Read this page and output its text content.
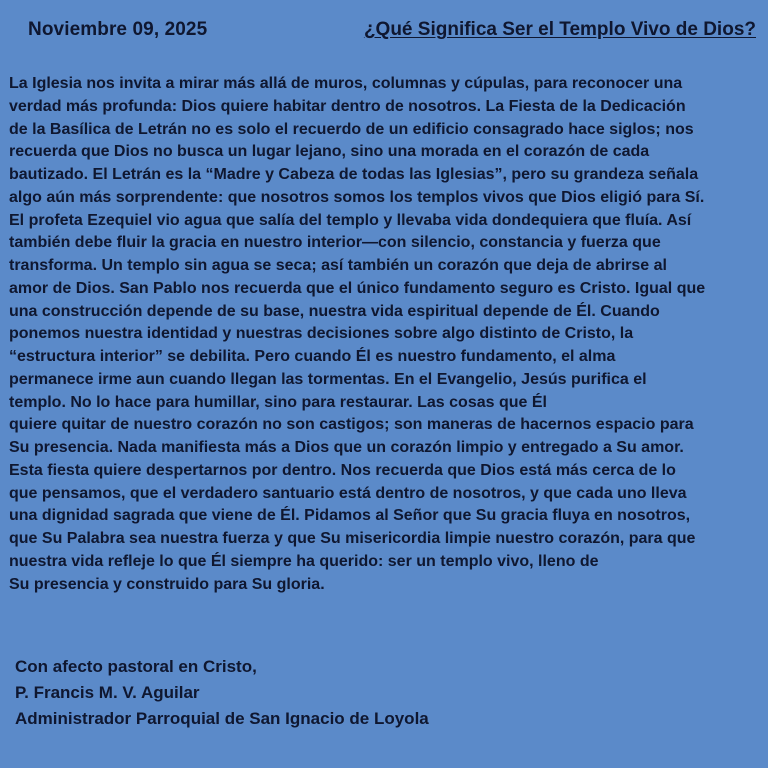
Noviembre 09, 2025	¿Qué Significa Ser el Templo Vivo de Dios?

La Iglesia nos invita a mirar más allá de muros, columnas y cúpulas, para reconocer una
verdad más profunda: Dios quiere habitar dentro de nosotros. La Fiesta de la Dedicación
de la Basílica de Letrán no es solo el recuerdo de un edificio consagrado hace siglos; nos
recuerda que Dios no busca un lugar lejano, sino una morada en el corazón de cada
bautizado. El Letrán es la “Madre y Cabeza de todas las Iglesias”, pero su grandeza señala
algo aún más sorprendente: que nosotros somos los templos vivos que Dios eligió para Sí.
El profeta Ezequiel vio agua que salía del templo y llevaba vida dondequiera que fluía. Así
también debe fluir la gracia en nuestro interior—con silencio, constancia y fuerza que
transforma. Un templo sin agua se seca; así también un corazón que deja de abrirse al
amor de Dios. San Pablo nos recuerda que el único fundamento seguro es Cristo. Igual que
una construcción depende de su base, nuestra vida espiritual depende de Él. Cuando
ponemos nuestra identidad y nuestras decisiones sobre algo distinto de Cristo, la
“estructura interior” se debilita. Pero cuando Él es nuestro fundamento, el alma
permanece irme aun cuando llegan las tormentas. En el Evangelio, Jesús purifica el
templo. No lo hace para humillar, sino para restaurar. Las cosas que Él
quiere quitar de nuestro corazón no son castigos; son maneras de hacernos espacio para
Su presencia. Nada manifiesta más a Dios que un corazón limpio y entregado a Su amor.
Esta fiesta quiere despertarnos por dentro. Nos recuerda que Dios está más cerca de lo
que pensamos, que el verdadero santuario está dentro de nosotros, y que cada uno lleva
una dignidad sagrada que viene de Él. Pidamos al Señor que Su gracia fluya en nosotros,
que Su Palabra sea nuestra fuerza y que Su misericordia limpie nuestro corazón, para que
nuestra vida refleje lo que Él siempre ha querido: ser un templo vivo, lleno de
Su presencia y construido para Su gloria.

Con afecto pastoral en Cristo,
P. Francis M. V. Aguilar
Administrador Parroquial de San Ignacio de Loyola
